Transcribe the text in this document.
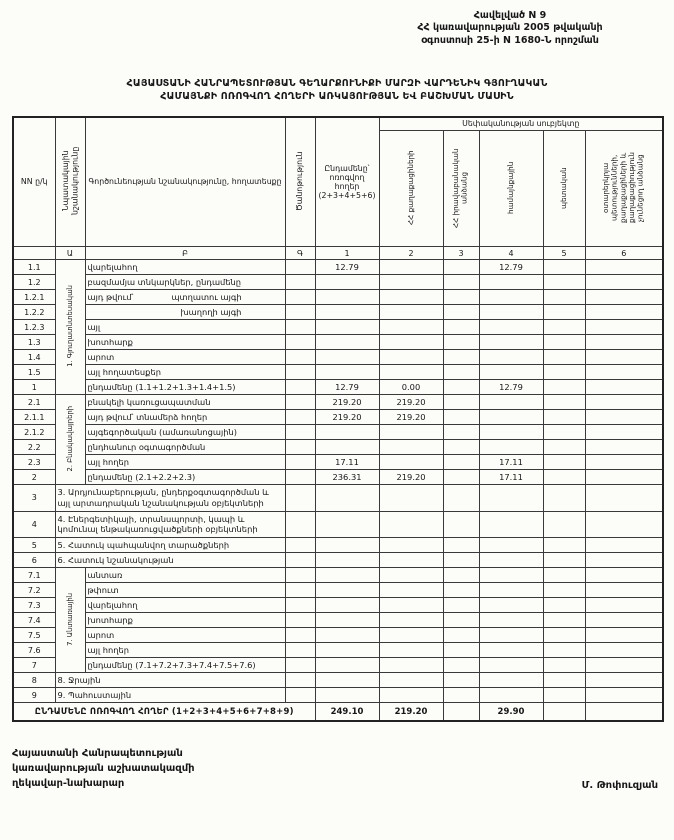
Հավելված N 9
ՀՀ կառավարության 2005 թվականի
օգոստոսի 25-ի N 1680-Ն որոշման
ՀԱՅԱՍՏԱՆԻ ՀԱՆՐԱՊԵՏՈՒԹՅԱՆ ԳԵՂԱՐՔՈՒՆԻՔԻ ՄԱՐԶԻ ՎԱՐԴԵՆԻԿ ԳՅՈՒՂԱԿԱՆ
ՀԱՄԱՅՆՔԻ ՈՌՈԳՎՈՂ ՀՈՂԵՐԻ ԱՌԿԱՅՈՒԹՅԱՆ ԵՎ ԲԱՇԽՄԱՆ ՄԱՍԻՆ
NN ը/կ	Նպատակային նշանակությունը	Գործունեության նշանակությունը, հողատեսքը	Ծանոթություն	Ընդամենը՝ ոռոգվող հողեր (2+3+4+5+6)	Սեփականության սուբյեկտը				
					ՀՀ քաղաքացիների	ՀՀ իրավաբանական անձանց	համայնքային	պետական	օտարերկրյա պետությունների, քաղաքացիների և քաղաքացիություն չունեցող անձանց
	Ա	Բ	Գ	1	2	3	4	5	6
1.1	1. Գյուղատնտեսական	վարելահող		12.79			12.79		
1.2		բազմամյա տնկարկներ, ընդամենը							
1.2.1		այդ թվում՝ պտղատու այգի							
1.2.2		խաղողի այգի							
1.2.3		այլ							
1.3		խոտհարք							
1.4		արոտ							
1.5		այլ հողատեսքեր							
1		ընդամենը (1.1+1.2+1.3+1.4+1.5)		12.79	0.00		12.79		
2.1	2. Բնակավայրերի	բնակելի կառուցապատման		219.20	219.20				
2.1.1		այդ թվում՝ տնամերձ հողեր		219.20	219.20				
2.1.2		այգեգործական (ամառանոցային)							
2.2		ընդհանուր օգտագործման							
2.3		այլ հողեր		17.11			17.11		
2		ընդամենը (2.1+2.2+2.3)		236.31	219.20		17.11		
3	3. Արդյունաբերության, ընդերքօգտագործման և այլ արտադրական նշանակության օբյեկտների								
4	4. Էներգետիկայի, տրանսպորտի, կապի և կոմունալ ենթակառուցվածքների օբյեկտների								
5	5. Հատուկ պահպանվող տարածքների								
6	6. Հատուկ նշանակության								
7.1	7. Անտառային	անտառ							
7.2		թփուտ							
7.3		վարելահող							
7.4		խոտհարք							
7.5		արոտ							
7.6		այլ հողեր							
7		ընդամենը (7.1+7.2+7.3+7.4+7.5+7.6)							
8	8. Ջրային								
9	9. Պահուստային								
ԸՆԴԱՄԵՆԸ ՈՌՈԳՎՈՂ ՀՈՂԵՐ (1+2+3+4+5+6+7+8+9)				249.10	219.20		29.90		
Հայաստանի Հանրապետության
կառավարության աշխատակազմի
ղեկավար-նախարար	Մ. Թոփուզյան
